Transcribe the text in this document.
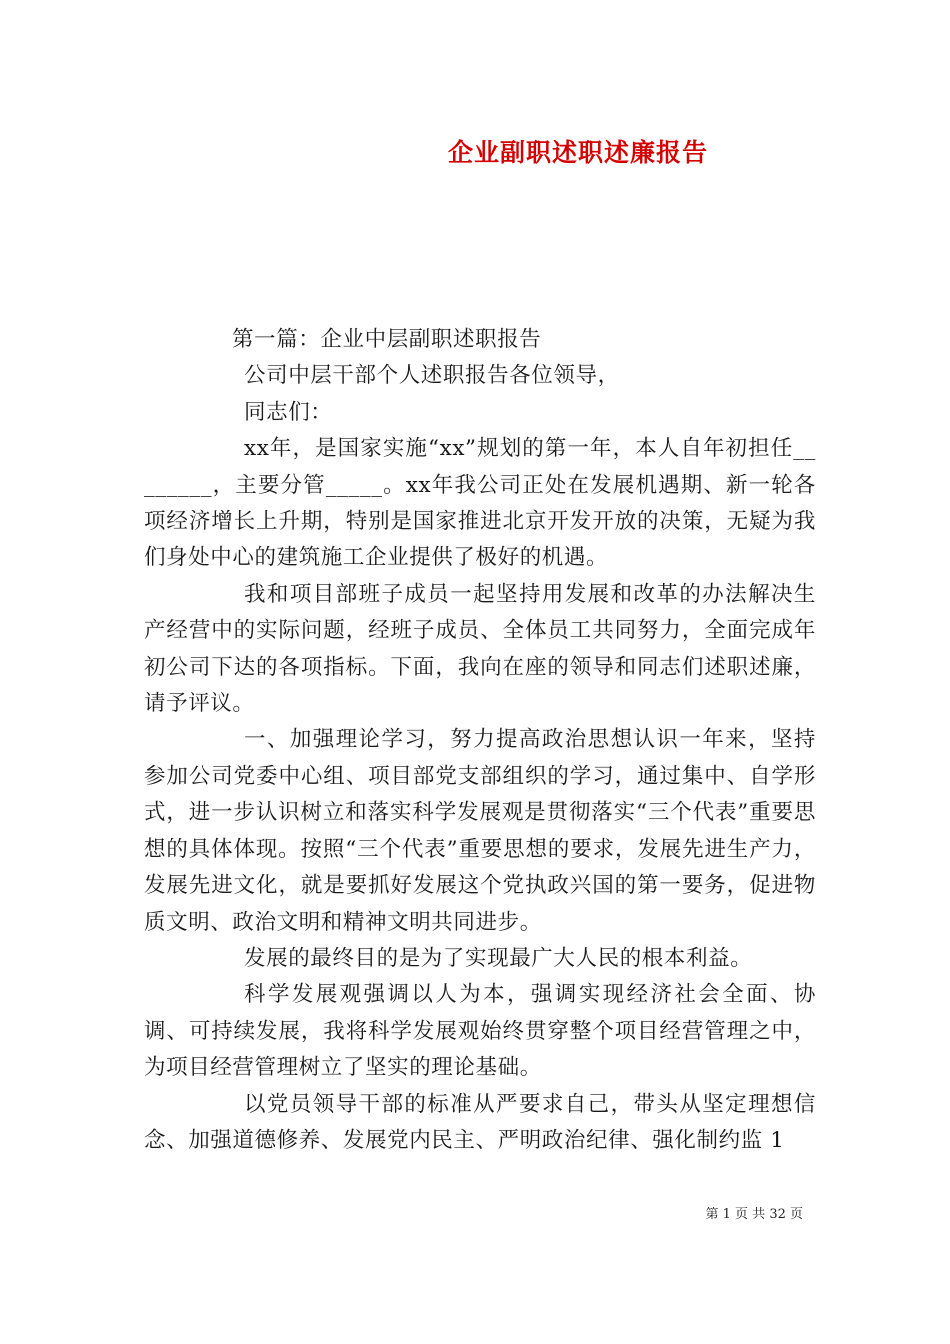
企业副职述职述廉报告

第一篇：企业中层副职述职报告

公司中层干部个人述职报告各位领导，

同志们：

xx年，是国家实施“xx”规划的第一年，本人自年初担任________，主要分管_____。xx年我公司正处在发展机遇期、新一轮各项经济增长上升期，特别是国家推进北京开发开放的决策，无疑为我们身处中心的建筑施工企业提供了极好的机遇。

我和项目部班子成员一起坚持用发展和改革的办法解决生产经营中的实际问题，经班子成员、全体员工共同努力，全面完成年初公司下达的各项指标。下面，我向在座的领导和同志们述职述廉，请予评议。

一、加强理论学习，努力提高政治思想认识一年来，坚持参加公司党委中心组、项目部党支部组织的学习，通过集中、自学形式，进一步认识树立和落实科学发展观是贯彻落实“三个代表”重要思想的具体体现。按照“三个代表”重要思想的要求，发展先进生产力，发展先进文化，就是要抓好发展这个党执政兴国的第一要务，促进物质文明、政治文明和精神文明共同进步。

发展的最终目的是为了实现最广大人民的根本利益。

科学发展观强调以人为本，强调实现经济社会全面、协调、可持续发展，我将科学发展观始终贯穿整个项目经营管理之中，为项目经营管理树立了坚实的理论基础。

以党员领导干部的标准从严要求自己，带头从坚定理想信念、加强道德修养、发展党内民主、严明政治纪律、强化制约监 1

第 1 页 共 32 页
